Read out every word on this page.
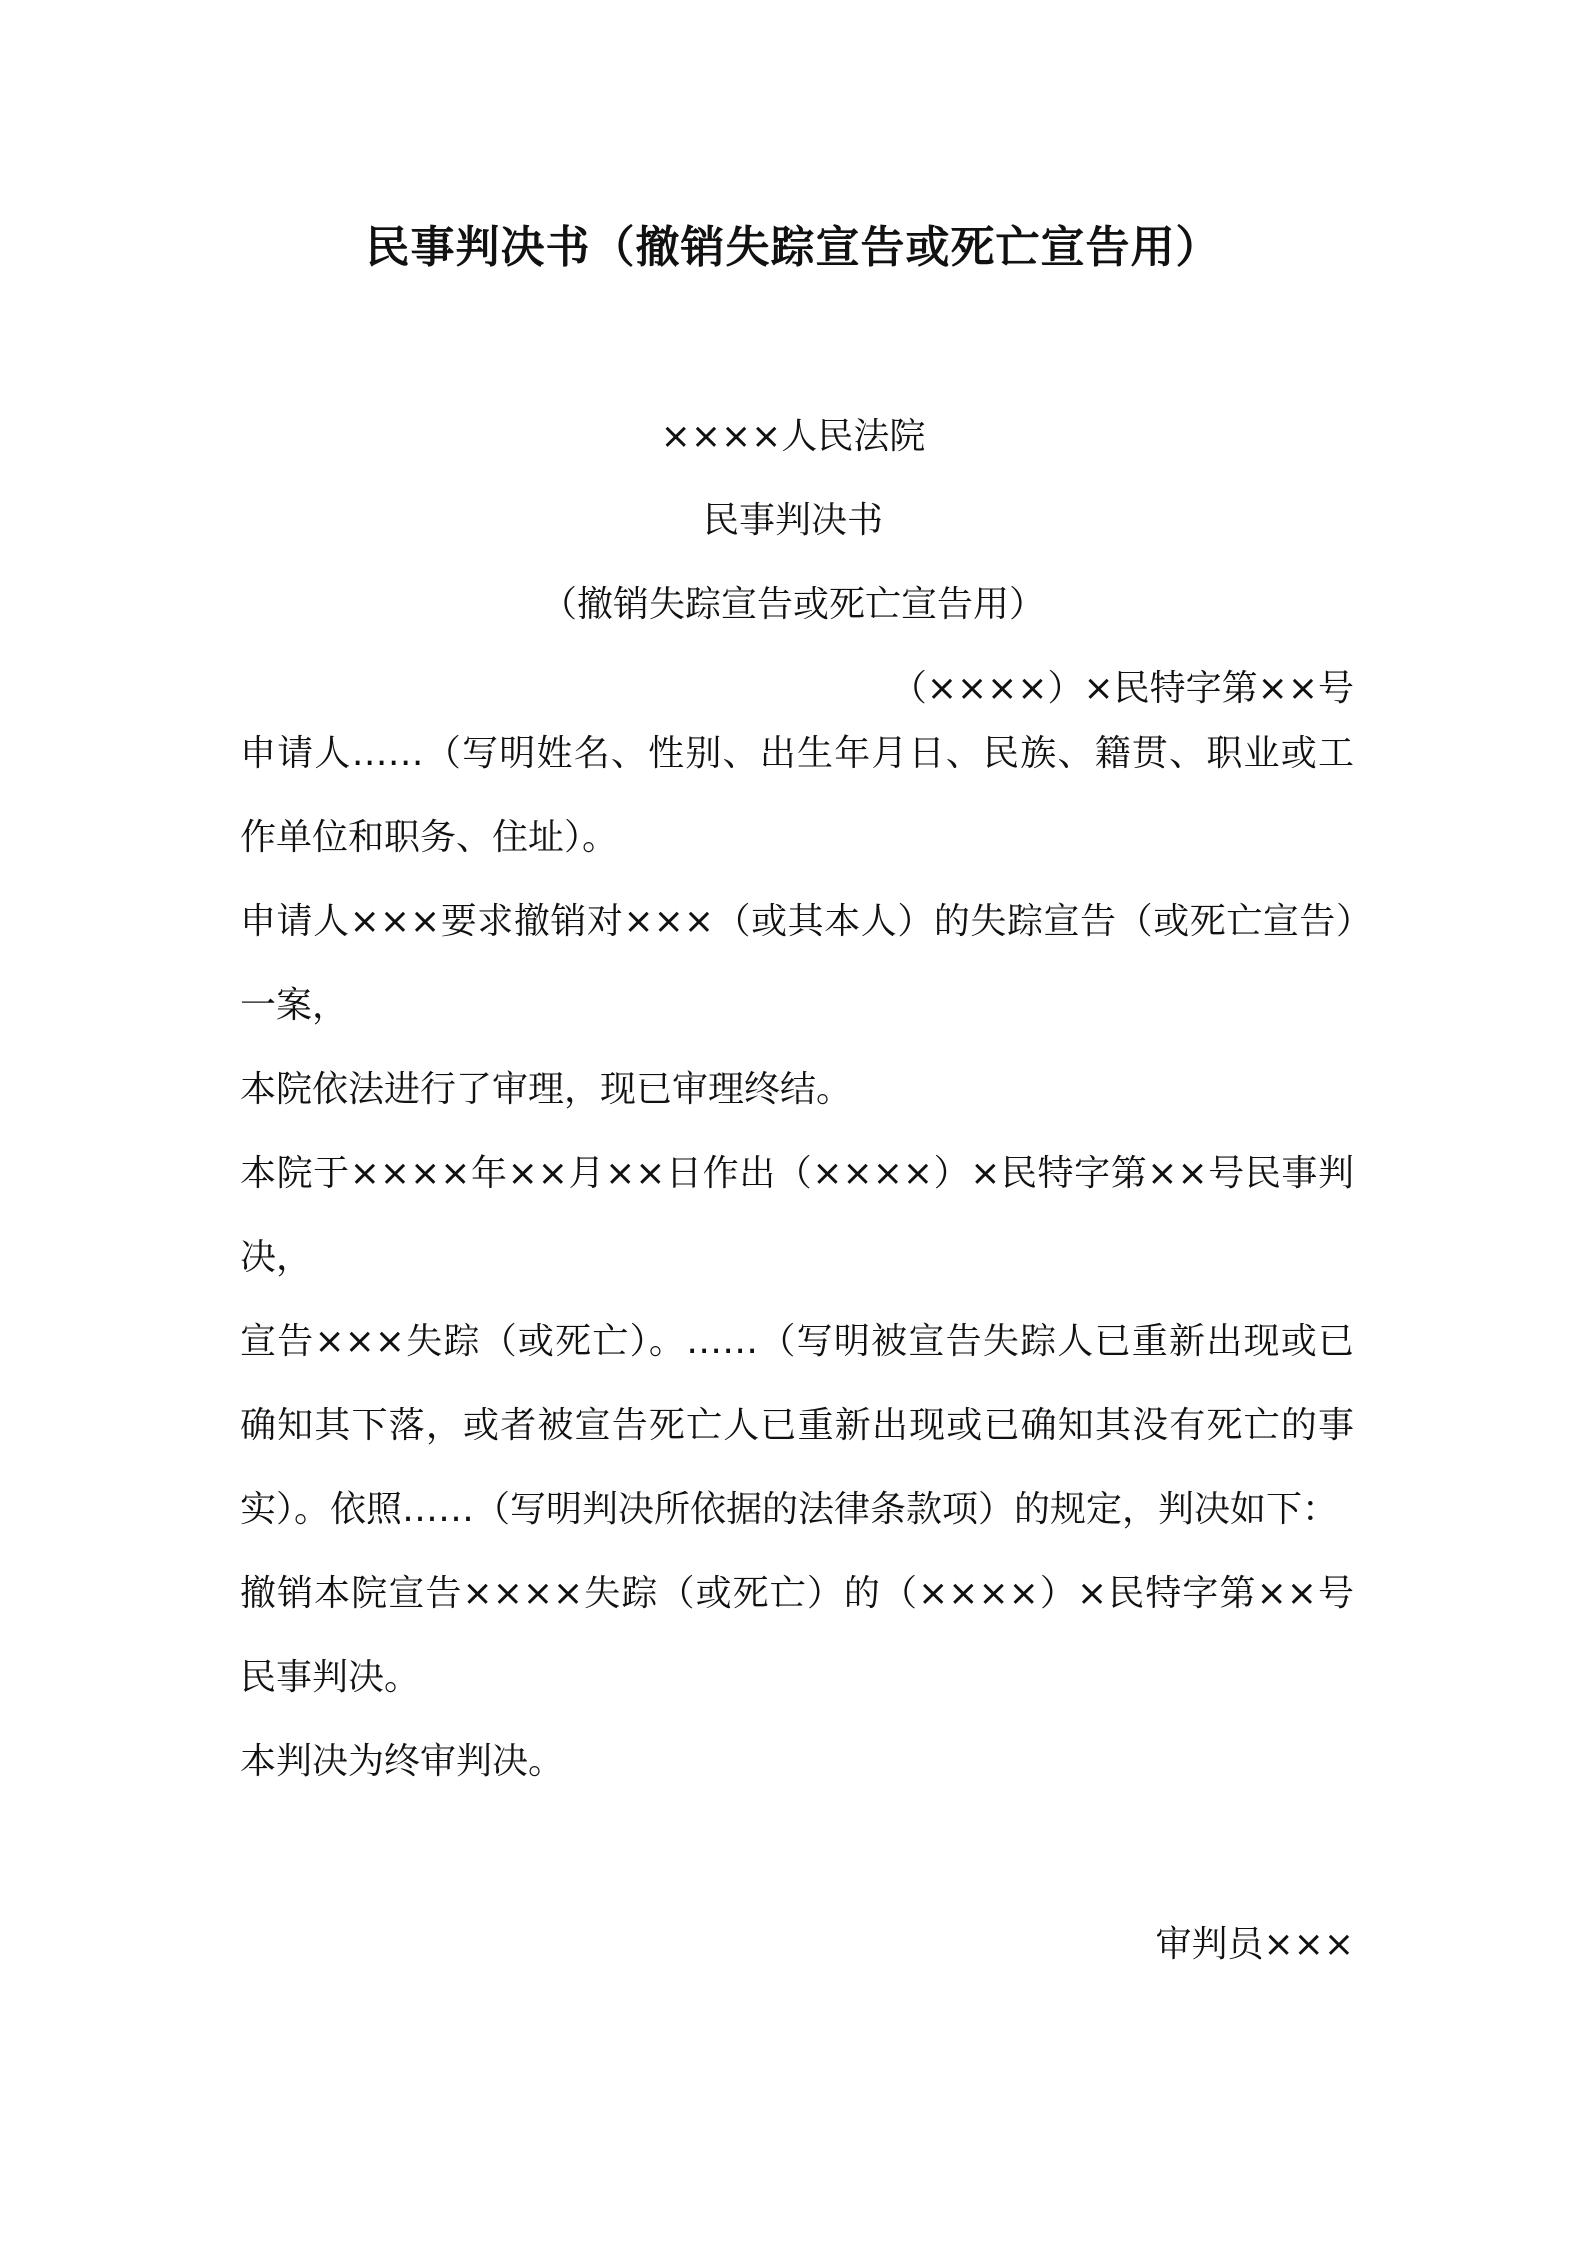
民事判决书（撤销失踪宣告或死亡宣告用）
××××人民法院
民事判决书
（撤销失踪宣告或死亡宣告用）
（××××）×民特字第××号

申请人……（写明姓名、性别、出生年月日、民族、籍贯、职业或工作单位和职务、住址）。

申请人×××要求撤销对×××（或其本人）的失踪宣告（或死亡宣告）一案，

本院依法进行了审理，现已审理终结。

本院于××××年××月××日作出（××××）×民特字第××号民事判决，

宣告×××失踪（或死亡）。……（写明被宣告失踪人已重新出现或已确知其下落，或者被宣告死亡人已重新出现或已确知其没有死亡的事实）。依照……（写明判决所依据的法律条款项）的规定，判决如下：

撤销本院宣告××××失踪（或死亡）的（××××）×民特字第××号民事判决。

本判决为终审判决。

审判员×××
